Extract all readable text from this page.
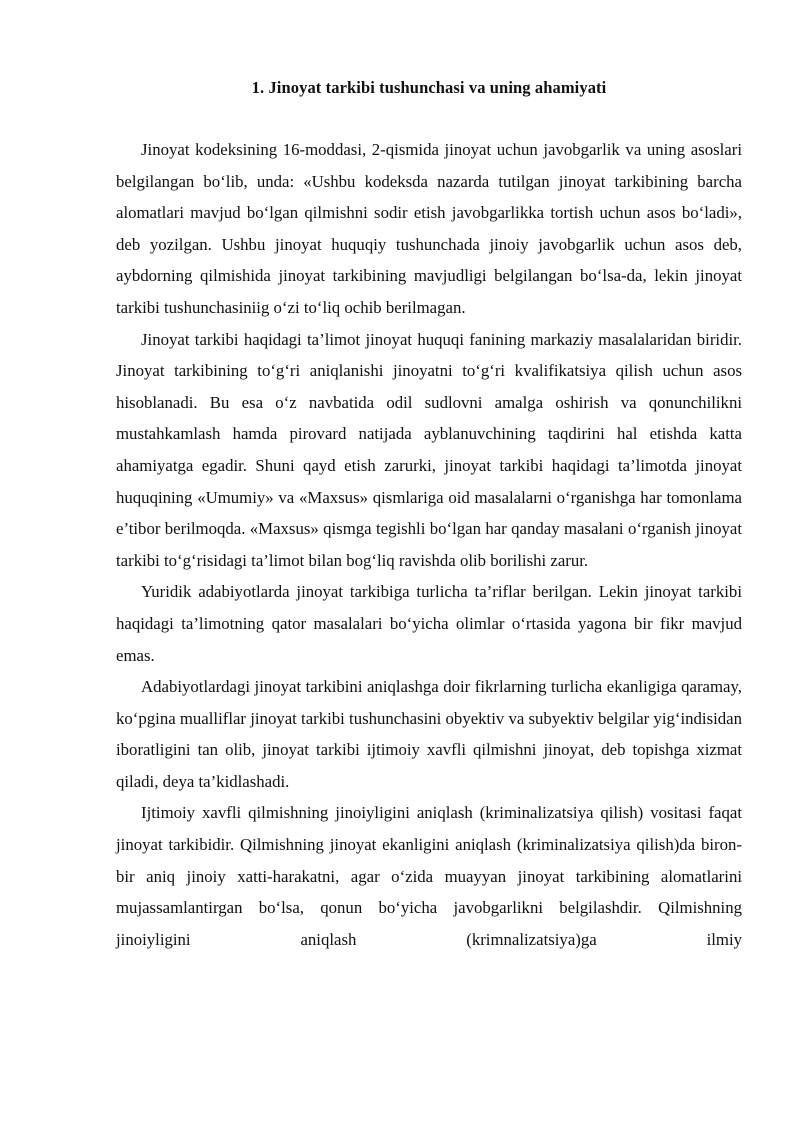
1. Jinoyat tarkibi tushunchasi va uning ahamiyati

Jinoyat kodeksining 16-moddasi, 2-qismida jinoyat uchun javobgarlik va uning asoslari belgilangan bo‘lib, unda: «Ushbu kodeksda nazarda tutilgan jinoyat tarkibining barcha alomatlari mavjud bo‘lgan qilmishni sodir etish javobgarlikka tortish uchun asos bo‘ladi», deb yozilgan. Ushbu jinoyat huquqiy tushunchada jinoiy javobgarlik uchun asos deb, aybdorning qilmishida jinoyat tarkibining mavjudligi belgilangan bo‘lsa-da, lekin jinoyat tarkibi tushunchasiniig o‘zi to‘liq ochib berilmagan.

Jinoyat tarkibi haqidagi ta’limot jinoyat huquqi fanining markaziy masalalaridan biridir. Jinoyat tarkibining to‘g‘ri aniqlanishi jinoyatni to‘g‘ri kvalifikatsiya qilish uchun asos hisoblanadi. Bu esa o‘z navbatida odil sudlovni amalga oshirish va qonunchilikni mustahkamlash hamda pirovard natijada ayblanuvchining taqdirini hal etishda katta ahamiyatga egadir. Shuni qayd etish zarurki, jinoyat tarkibi haqidagi ta’limotda jinoyat huquqining «Umumiy» va «Maxsus» qismlariga oid masalalarni o‘rganishga har tomonlama e’tibor berilmoqda. «Maxsus» qismga tegishli bo‘lgan har qanday masalani o‘rganish jinoyat tarkibi to‘g‘risidagi ta’limot bilan bog‘liq ravishda olib borilishi zarur.

Yuridik adabiyotlarda jinoyat tarkibiga turlicha ta’riflar berilgan. Lekin jinoyat tarkibi haqidagi ta’limotning qator masalalari bo‘yicha olimlar o‘rtasida yagona bir fikr mavjud emas.

Adabiyotlardagi jinoyat tarkibini aniqlashga doir fikrlarning turlicha ekanligiga qaramay, ko‘pgina mualliflar jinoyat tarkibi tushunchasini obyektiv va subyektiv belgilar yig‘indisidan iboratligini tan olib, jinoyat tarkibi ijtimoiy xavfli qilmishni jinoyat, deb topishga xizmat qiladi, deya ta’kidlashadi.

Ijtimoiy xavfli qilmishning jinoiyligini aniqlash (kriminalizatsiya qilish) vositasi faqat jinoyat tarkibidir. Qilmishning jinoyat ekanligini aniqlash (kriminalizatsiya qilish)da biron-bir aniq jinoiy xatti-harakatni, agar o‘zida muayyan jinoyat tarkibining alomatlarini mujassamlantirgan bo‘lsa, qonun bo‘yicha javobgarlikni belgilashdir. Qilmishning jinoiyligini aniqlash (krimnalizatsiya)ga ilmiy
